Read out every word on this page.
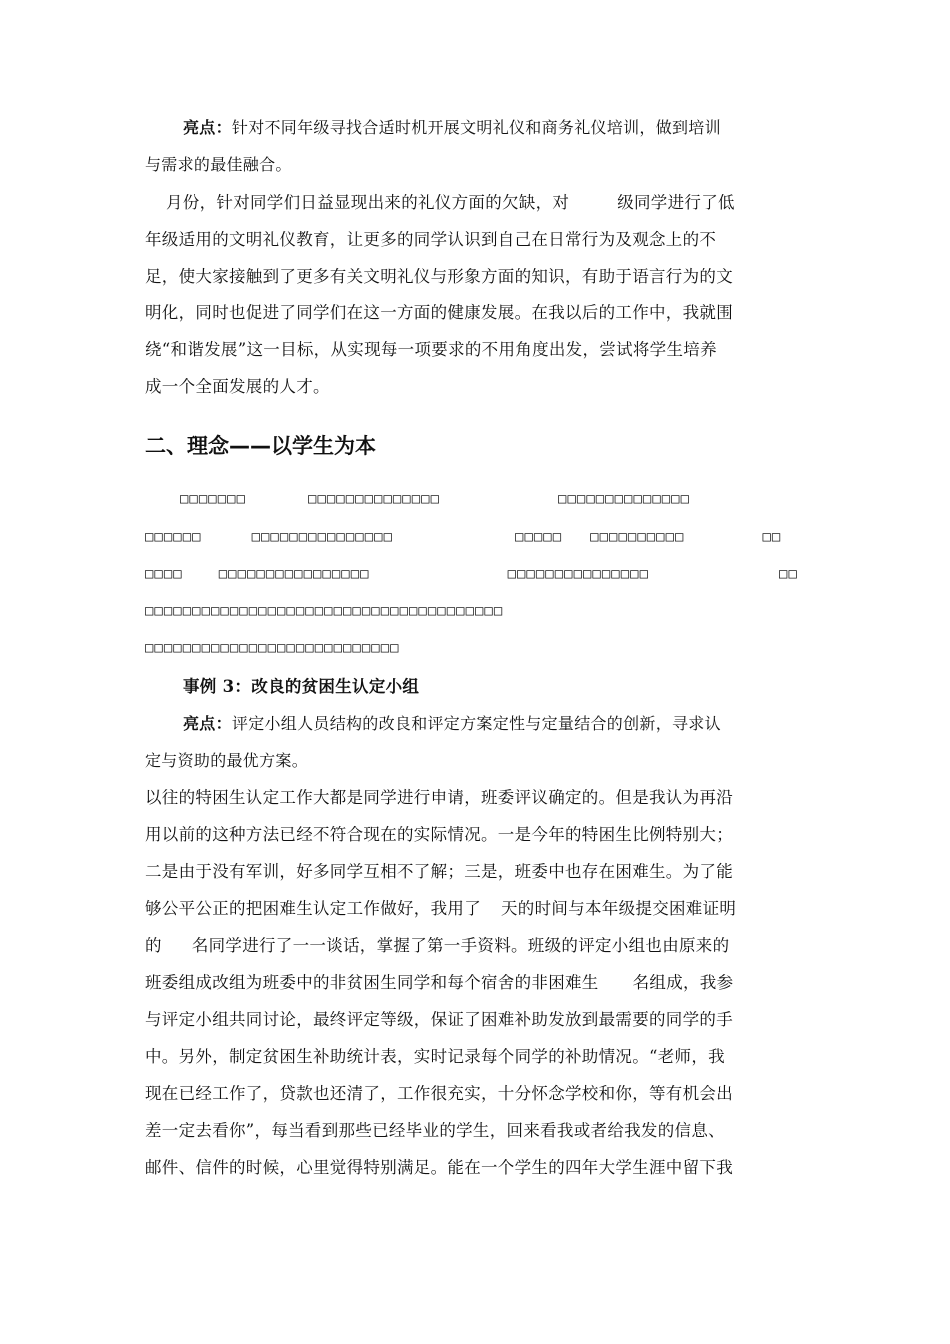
亮点：针对不同年级寻找合适时机开展文明礼仪和商务礼仪培训，做到培训
与需求的最佳融合。
月份，针对同学们日益显现出来的礼仪方面的欠缺，对	级同学进行了低
年级适用的文明礼仪教育，让更多的同学认识到自己在日常行为及观念上的不
足，使大家接触到了更多有关文明礼仪与形象方面的知识，有助于语言行为的文
明化，同时也促进了同学们在这一方面的健康发展。在我以后的工作中，我就围
绕“和谐发展”这一目标，从实现每一项要求的不用角度出发，尝试将学生培养
成一个全面发展的人才。
二、理念——以学生为本
□□□□□□□	□□□□□□□□□□□□□□	□□□□□□□□□□□□□□
□□□□□□	□□□□□□□□□□□□□□□	□□□□□ □□□□□□□□□□	□□
□□□□	□□□□□□□□□□□□□□□□	□□□□□□□□□□□□□□□	□□
□□□□□□□□□□□□□□□□□□□□□□□□□□□□□□□□□□□□□□
□□□□□□□□□□□□□□□□□□□□□□□□□□□
事例 3：改良的贫困生认定小组
亮点：评定小组人员结构的改良和评定方案定性与定量结合的创新，寻求认
定与资助的最优方案。
以往的特困生认定工作大都是同学进行申请，班委评议确定的。但是我认为再沿
用以前的这种方法已经不符合现在的实际情况。一是今年的特困生比例特别大；
二是由于没有军训，好多同学互相不了解；三是，班委中也存在困难生。为了能
够公平公正的把困难生认定工作做好，我用了 天的时间与本年级提交困难证明
的 名同学进行了一一谈话，掌握了第一手资料。班级的评定小组也由原来的
班委组成改组为班委中的非贫困生同学和每个宿舍的非困难生 名组成，我参
与评定小组共同讨论，最终评定等级，保证了困难补助发放到最需要的同学的手
中。另外，制定贫困生补助统计表，实时记录每个同学的补助情况。“老师，我
现在已经工作了，贷款也还清了，工作很充实，十分怀念学校和你，等有机会出
差一定去看你”，每当看到那些已经毕业的学生，回来看我或者给我发的信息、
邮件、信件的时候，心里觉得特别满足。能在一个学生的四年大学生涯中留下我
